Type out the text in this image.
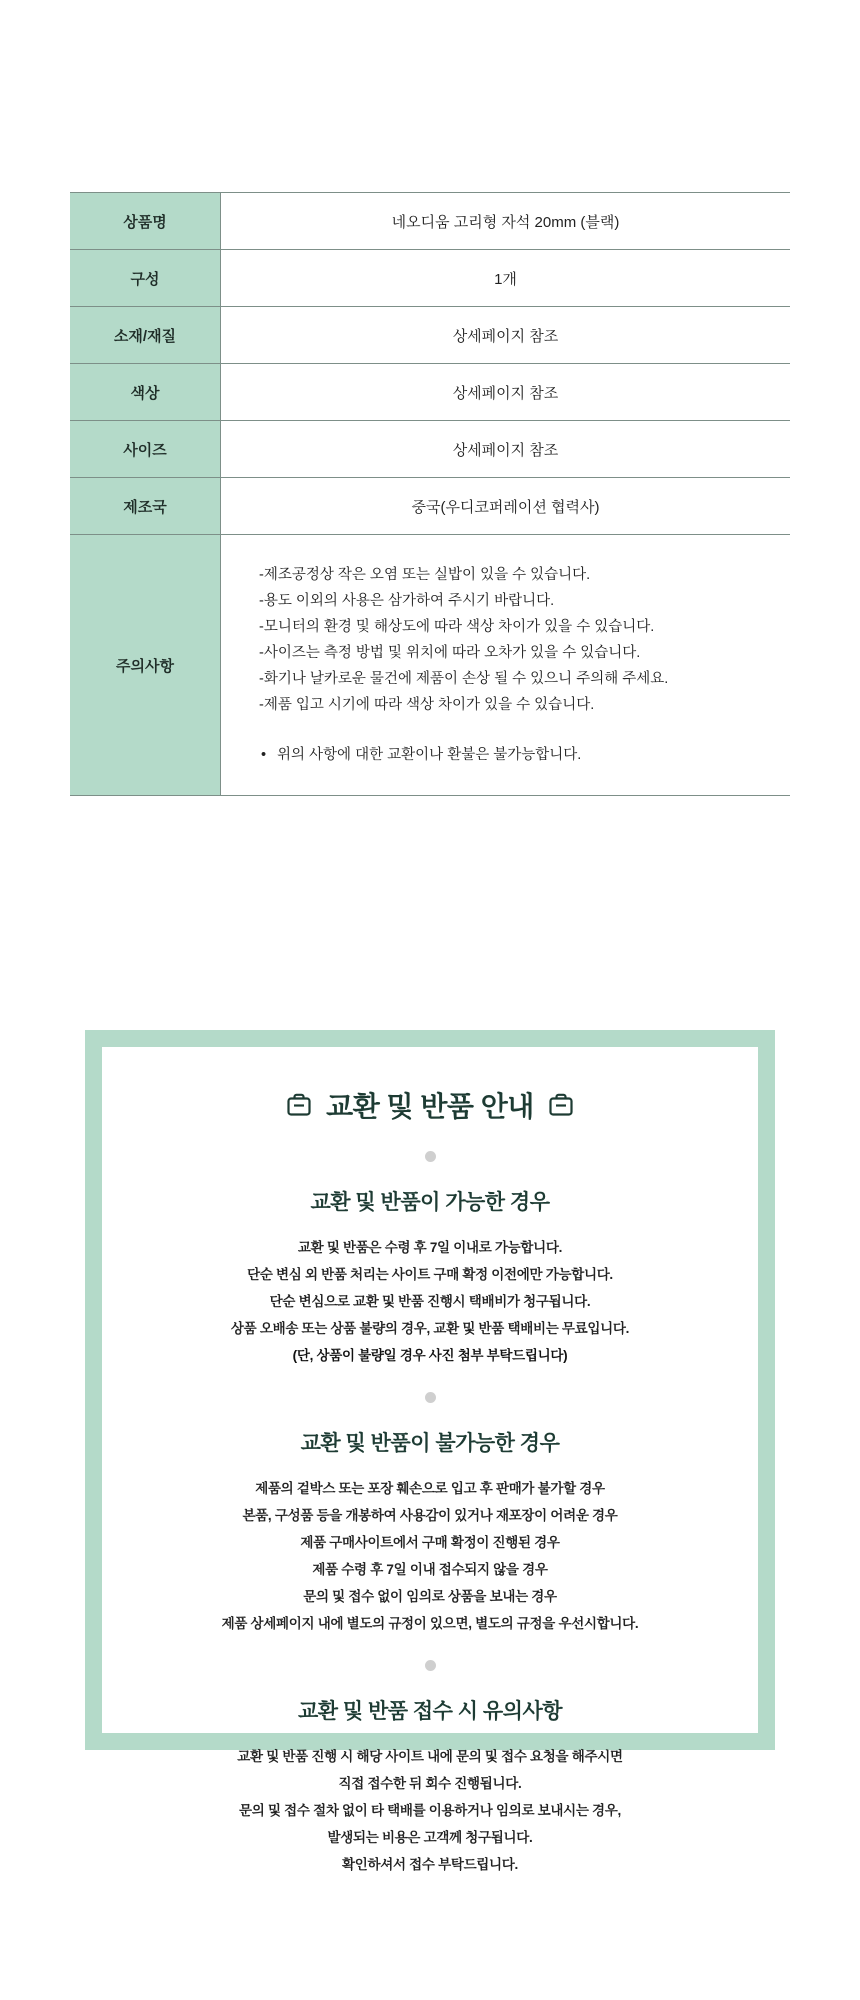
상품명	네오디움 고리형 자석 20mm (블랙)
구성	1개
소재/재질	상세페이지 참조
색상	상세페이지 참조
사이즈	상세페이지 참조
제조국	중국(우디코퍼레이션 협력사)
주의사항	
-제조공정상 작은 오염 또는 실밥이 있을 수 있습니다.
-용도 이외의 사용은 삼가하여 주시기 바랍니다.
-모니터의 환경 및 해상도에 따라 색상 차이가 있을 수 있습니다.
-사이즈는 측정 방법 및 위치에 따라 오차가 있을 수 있습니다.
-화기나 날카로운 물건에 제품이 손상 될 수 있으니 주의해 주세요.
-제품 입고 시기에 따라 색상 차이가 있을 수 있습니다.
• 위의 사항에 대한 교환이나 환불은 불가능합니다.
교환 및 반품 안내
교환 및 반품이 가능한 경우

교환 및 반품은 수령 후 7일 이내로 가능합니다.

단순 변심 외 반품 처리는 사이트 구매 확정 이전에만 가능합니다.

단순 변심으로 교환 및 반품 진행시 택배비가 청구됩니다.

상품 오배송 또는 상품 불량의 경우, 교환 및 반품 택배비는 무료입니다.

(단, 상품이 불량일 경우 사진 첨부 부탁드립니다)

교환 및 반품이 불가능한 경우

제품의 겉박스 또는 포장 훼손으로 입고 후 판매가 불가할 경우

본품, 구성품 등을 개봉하여 사용감이 있거나 재포장이 어려운 경우

제품 구매사이트에서 구매 확정이 진행된 경우

제품 수령 후 7일 이내 접수되지 않을 경우

문의 및 접수 없이 임의로 상품을 보내는 경우

제품 상세페이지 내에 별도의 규정이 있으면, 별도의 규정을 우선시합니다.

교환 및 반품 접수 시 유의사항

교환 및 반품 진행 시 해당 사이트 내에 문의 및 접수 요청을 해주시면

직접 접수한 뒤 회수 진행됩니다.

문의 및 접수 절차 없이 타 택배를 이용하거나 임의로 보내시는 경우,

발생되는 비용은 고객께 청구됩니다.

확인하셔서 접수 부탁드립니다.
